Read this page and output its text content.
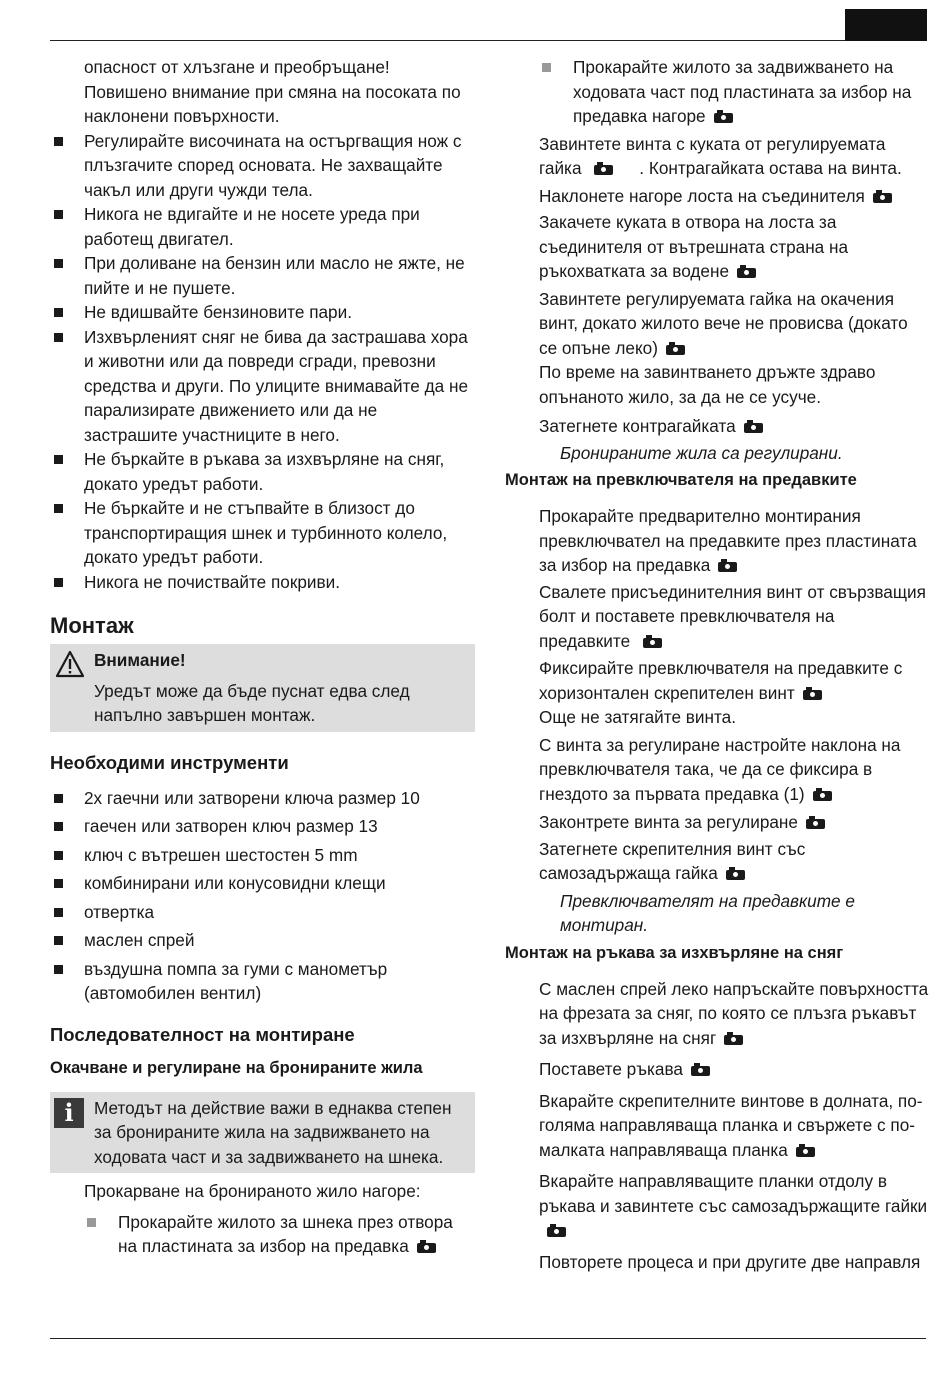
опасност от хлъзгане и преобръщане! Повишено внимание при смяна на посоката по наклонени повърхности.

Регулирайте височината на остъргващия нож с плъзгачите според основата. Не захващайте чакъл или други чужди тела.

Никога не вдигайте и не носете уреда при работещ двигател.

При доливане на бензин или масло не яжте, не пийте и не пушете.

Не вдишвайте бензиновите пари.

Изхвърленият сняг не бива да застрашава хора и животни или да повреди сгради, превозни средства и други. По улиците внимавайте да не парализирате движението или да не застрашите участниците в него.

Не бъркайте в ръкава за изхвърляне на сняг, докато уредът работи.

Не бъркайте и не стъпвайте в близост до транспортиращия шнек и турбинното колело, докато уредът работи.

Никога не почиствайте покриви.

Монтаж

Внимание!

Уредът може да бъде пуснат едва след напълно завършен монтаж.

Необходими инструменти

2x гаечни или затворени ключа размер 10

гаечен или затворен ключ размер 13

ключ с вътрешен шестостен 5 mm

комбинирани или конусовидни клещи

отвертка

маслен спрей

въздушна помпа за гуми с манометър (автомобилен вентил)

Последователност на монтиране

Окачване и регулиране на бронираните жила

i	Методът на действие важи в еднаква степен за бронираните жила на задвижването на ходовата част и за задвижването на шнека.

Прокарване на бронираното жило нагоре:

Прокарайте жилото за шнека през отвора на пластината за избор на предавка

Прокарайте жилото за задвижването на ходовата част под пластината за избор на предавка нагоре

Завинтете винта с куката от регулируемата гайка	. Контрагайката остава на винта.

Наклонете нагоре лоста на съединителя

Закачете куката в отвора на лоста за съединителя от вътрешната страна на ръкохватката за водене

Завинтете регулируемата гайка на окачения винт, докато жилото вече не провисва (докато се опъне леко)

По време на завинтването дръжте здраво опънаното жило, за да не се усуче.

Затегнете контрагайката

Бронираните жила са регулирани.

Монтаж на превключвателя на предавките

Прокарайте предварително монтирания превключвател на предавките през пластината за избор на предавка

Свалете присъединителния винт от свързващия болт и поставете превключвателя на предавките

Фиксирайте превключвателя на предавките с хоризонтален скрепителен винт

Още не затягайте винта.

С винта за регулиране настройте наклона на превключвателя така, че да се фиксира в гнездото за първата предавка (1)

Законтрете винта за регулиране

Затегнете скрепителния винт със самозадържаща гайка

Превключвателят на предавките е монтиран.

Монтаж на ръкава за изхвърляне на сняг

С маслен спрей леко напръскайте повърхността на фрезата за сняг, по която се плъзга ръкавът за изхвърляне на сняг

Поставете ръкава

Вкарайте скрепителните винтове в долната, по-голяма направляваща планка и свържете с по-малката направляваща планка

Вкарайте направляващите планки отдолу в ръкава и завинтете със самозадържащите гайки

Повторете процеса и при другите две направля
